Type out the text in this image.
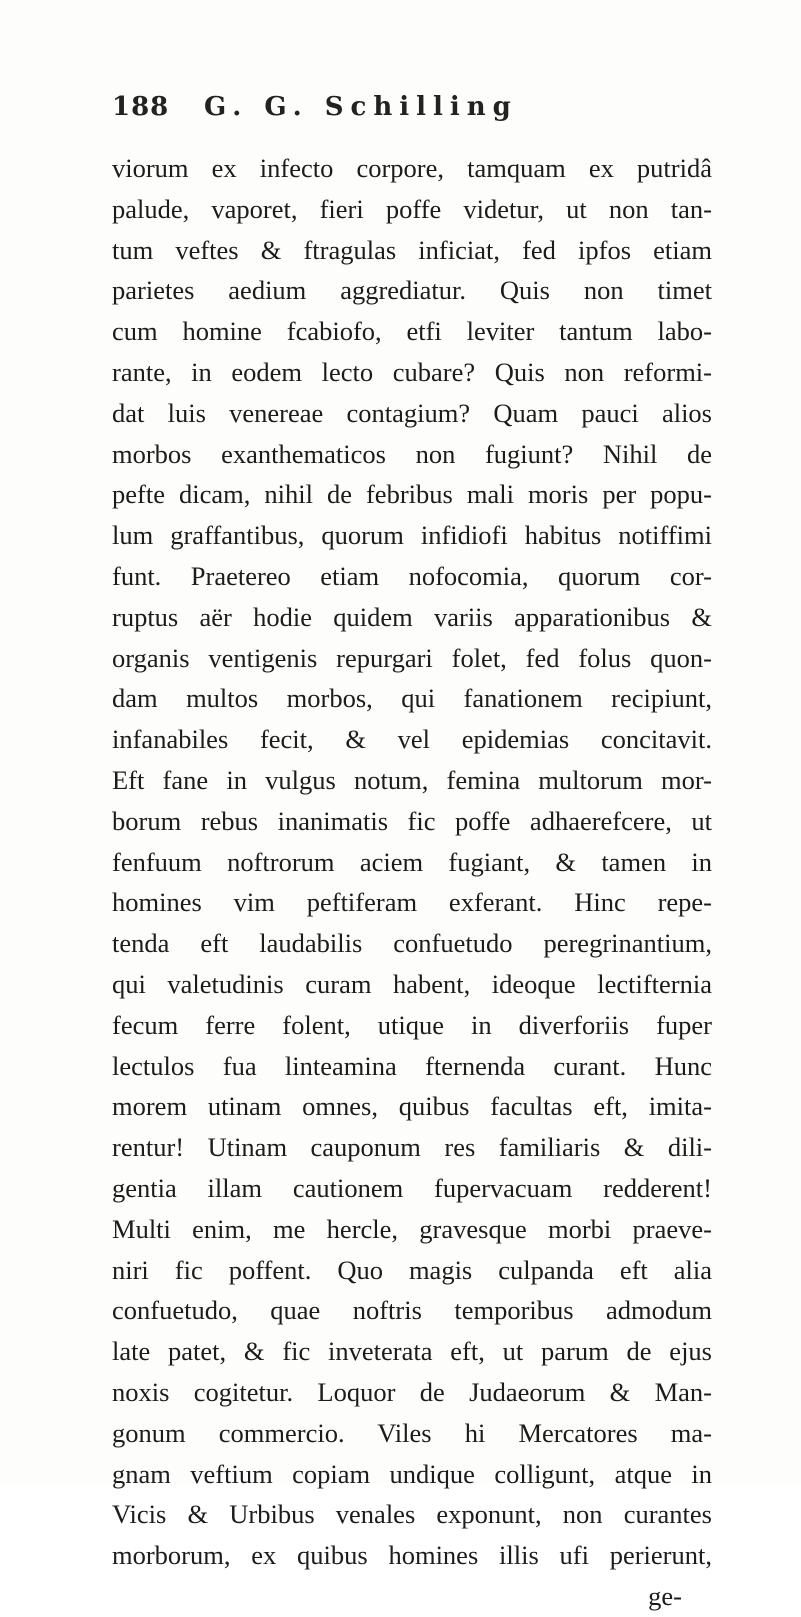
188 G. G. Schilling
viorum ex infecto corpore, tamquam ex putridâ
palude, vaporet, fieri poffe videtur, ut non tan-
tum veftes & ftragulas inficiat, fed ipfos etiam
parietes aedium aggrediatur. Quis non timet
cum homine fcabiofo, etfi leviter tantum labo-
rante, in eodem lecto cubare? Quis non reformi-
dat luis venereae contagium? Quam pauci alios
morbos exanthematicos non fugiunt? Nihil de
pefte dicam, nihil de febribus mali moris per popu-
lum graffantibus, quorum infidiofi habitus notiffimi
funt. Praetereo etiam nofocomia, quorum cor-
ruptus aër hodie quidem variis apparationibus &
organis ventigenis repurgari folet, fed folus quon-
dam multos morbos, qui fanationem recipiunt,
infanabiles fecit, & vel epidemias concitavit.
Eft fane in vulgus notum, femina multorum mor-
borum rebus inanimatis fic poffe adhaerefcere, ut
fenfuum noftrorum aciem fugiant, & tamen in
homines vim peftiferam exferant. Hinc repe-
tenda eft laudabilis confuetudo peregrinantium,
qui valetudinis curam habent, ideoque lectifternia
fecum ferre folent, utique in diverforiis fuper
lectulos fua linteamina fternenda curant. Hunc
morem utinam omnes, quibus facultas eft, imita-
rentur! Utinam cauponum res familiaris & dili-
gentia illam cautionem fupervacuam redderent!
Multi enim, me hercle, gravesque morbi praeve-
niri fic poffent. Quo magis culpanda eft alia
confuetudo, quae noftris temporibus admodum
late patet, & fic inveterata eft, ut parum de ejus
noxis cogitetur. Loquor de Judaeorum & Man-
gonum commercio. Viles hi Mercatores ma-
gnam veftium copiam undique colligunt, atque in
Vicis & Urbibus venales exponunt, non curantes
morborum, ex quibus homines illis ufi perierunt,
ge-
